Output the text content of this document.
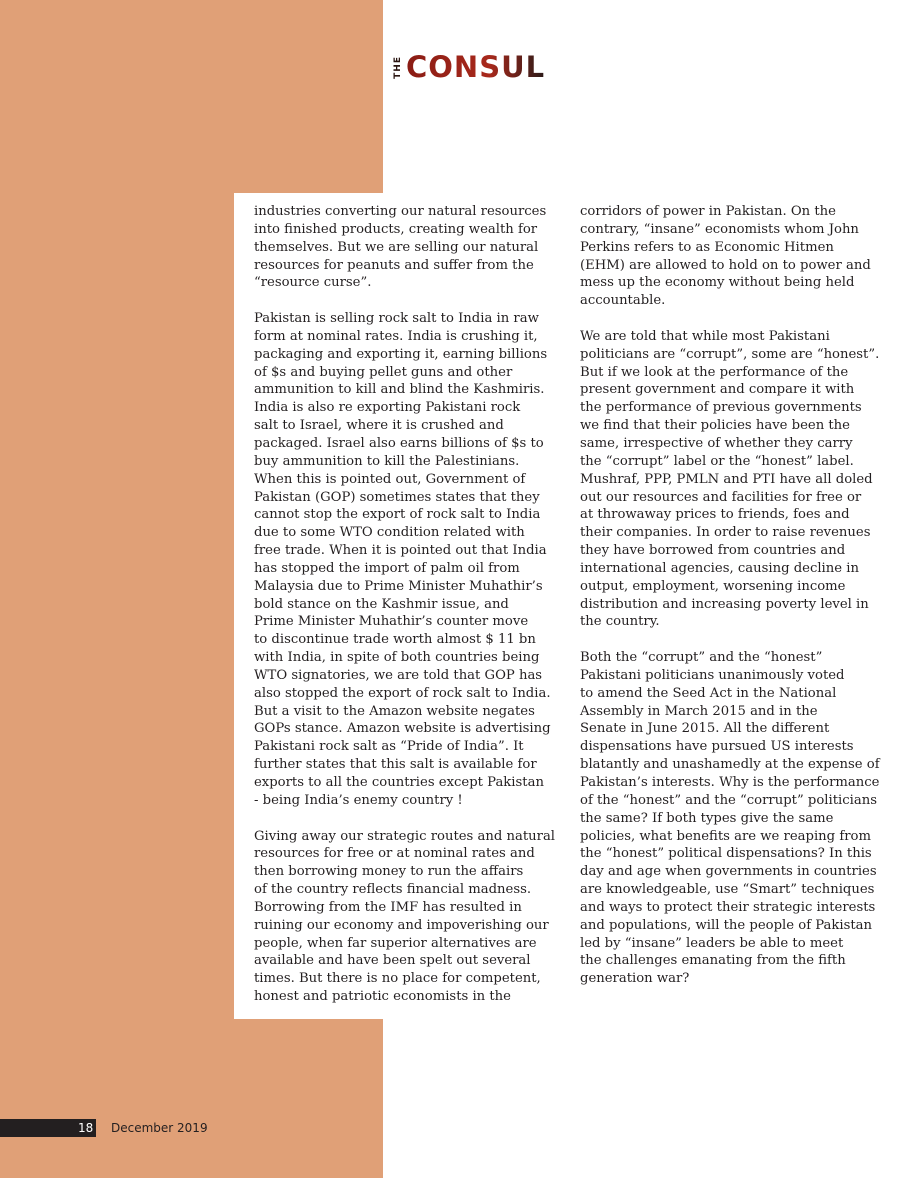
THE CONSUL

industries converting our natural resources
into finished products, creating wealth for
themselves. But we are selling our natural
resources for peanuts and suffer from the
“resource curse”.

Pakistan is selling rock salt to India in raw
form at nominal rates. India is crushing it,
packaging and exporting it, earning billions
of $s and buying pellet guns and other
ammunition to kill and blind the Kashmiris.
India is also re exporting Pakistani rock
salt to Israel, where it is crushed and
packaged. Israel also earns billions of $s to
buy ammunition to kill the Palestinians.
When this is pointed out, Government of
Pakistan (GOP) sometimes states that they
cannot stop the export of rock salt to India
due to some WTO condition related with
free trade. When it is pointed out that India
has stopped the import of palm oil from
Malaysia due to Prime Minister Muhathir’s
bold stance on the Kashmir issue, and
Prime Minister Muhathir’s counter move
to discontinue trade worth almost $ 11 bn
with India, in spite of both countries being
WTO signatories, we are told that GOP has
also stopped the export of rock salt to India.
But a visit to the Amazon website negates
GOPs stance. Amazon website is advertising
Pakistani rock salt as “Pride of India”. It
further states that this salt is available for
exports to all the countries except Pakistan
- being India’s enemy country !

Giving away our strategic routes and natural
resources for free or at nominal rates and
then borrowing money to run the affairs
of the country reflects financial madness.
Borrowing from the IMF has resulted in
ruining our economy and impoverishing our
people, when far superior alternatives are
available and have been spelt out several
times. But there is no place for competent,
honest and patriotic economists in the

corridors of power in Pakistan. On the
contrary, “insane” economists whom John
Perkins refers to as Economic Hitmen
(EHM) are allowed to hold on to power and
mess up the economy without being held
accountable.

We are told that while most Pakistani
politicians are “corrupt”, some are “honest”.
But if we look at the performance of the
present government and compare it with
the performance of previous governments
we find that their policies have been the
same, irrespective of whether they carry
the “corrupt” label or the “honest” label.
Mushraf, PPP, PMLN and PTI have all doled
out our resources and facilities for free or
at throwaway prices to friends, foes and
their companies. In order to raise revenues
they have borrowed from countries and
international agencies, causing decline in
output, employment, worsening income
distribution and increasing poverty level in
the country.

Both the “corrupt” and the “honest”
Pakistani politicians unanimously voted
to amend the Seed Act in the National
Assembly in March 2015 and in the
Senate in June 2015. All the different
dispensations have pursued US interests
blatantly and unashamedly at the expense of
Pakistan’s interests. Why is the performance
of the “honest” and the “corrupt” politicians
the same? If both types give the same
policies, what benefits are we reaping from
the “honest” political dispensations? In this
day and age when governments in countries
are knowledgeable, use “Smart” techniques
and ways to protect their strategic interests
and populations, will the people of Pakistan
led by “insane” leaders be able to meet
the challenges emanating from the fifth
generation war?

18 December 2019
